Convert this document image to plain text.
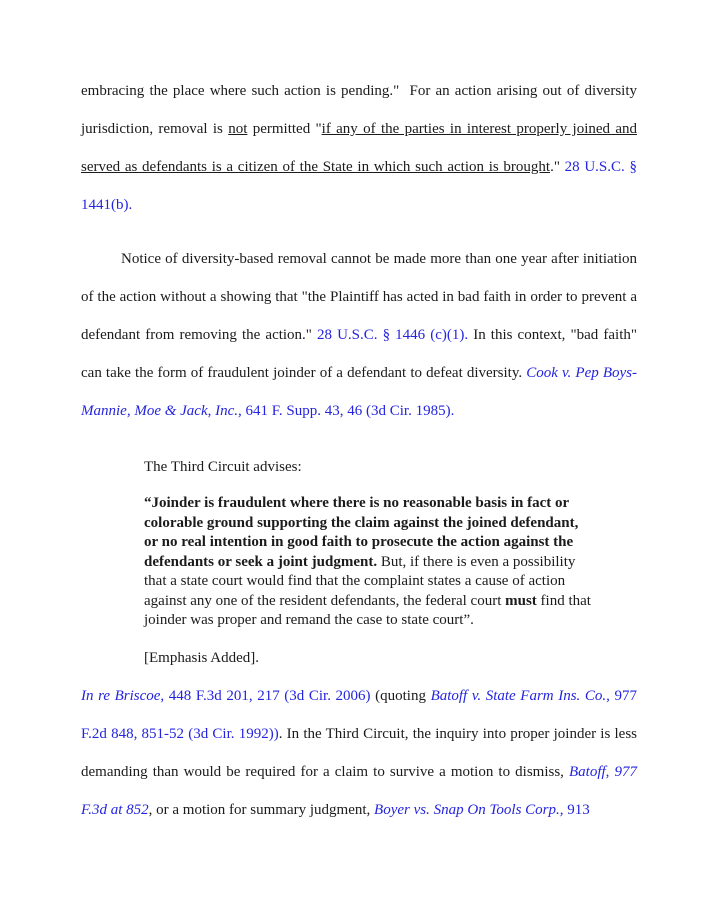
embracing the place where such action is pending."  For an action arising out of diversity jurisdiction, removal is not permitted "if any of the parties in interest properly joined and served as defendants is a citizen of the State in which such action is brought." 28 U.S.C. § 1441(b).

Notice of diversity-based removal cannot be made more than one year after initiation of the action without a showing that "the Plaintiff has acted in bad faith in order to prevent a defendant from removing the action." 28 U.S.C. § 1446 (c)(1). In this context, "bad faith" can take the form of fraudulent joinder of a defendant to defeat diversity. Cook v. Pep Boys-Mannie, Moe & Jack, Inc., 641 F. Supp. 43, 46 (3d Cir. 1985).

The Third Circuit advises:

“Joinder is fraudulent where there is no reasonable basis in fact or colorable ground supporting the claim against the joined defendant, or no real intention in good faith to prosecute the action against the defendants or seek a joint judgment. But, if there is even a possibility that a state court would find that the complaint states a cause of action against any one of the resident defendants, the federal court must find that joinder was proper and remand the case to state court”.

[Emphasis Added].

In re Briscoe, 448 F.3d 201, 217 (3d Cir. 2006) (quoting Batoff v. State Farm Ins. Co., 977 F.2d 848, 851-52 (3d Cir. 1992)). In the Third Circuit, the inquiry into proper joinder is less demanding than would be required for a claim to survive a motion to dismiss, Batoff, 977 F.3d at 852, or a motion for summary judgment, Boyer vs. Snap On Tools Corp., 913
